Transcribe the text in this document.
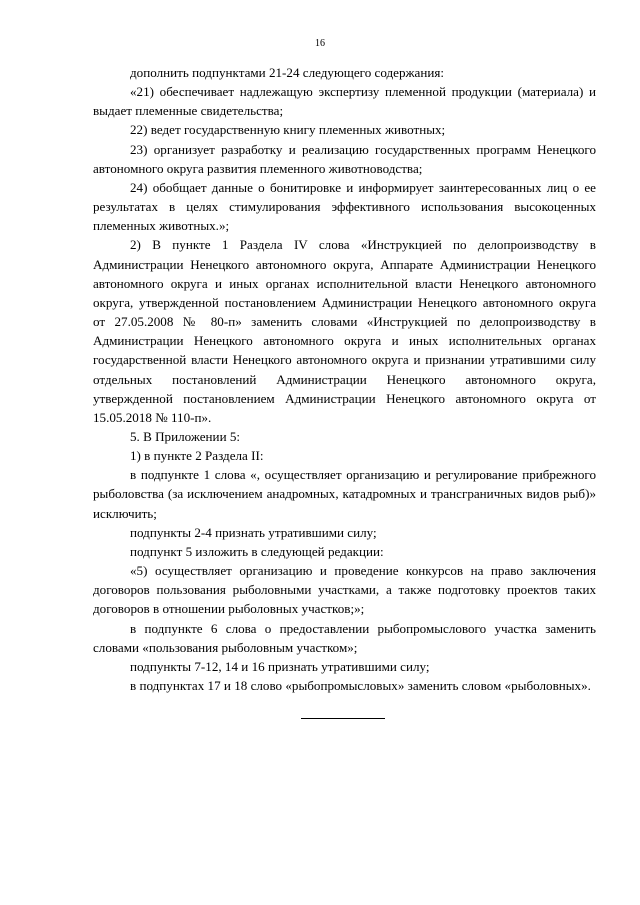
16

дополнить подпунктами 21-24 следующего содержания:

«21) обеспечивает надлежащую экспертизу племенной продукции (материала) и выдает племенные свидетельства;

22) ведет государственную книгу племенных животных;

23) организует разработку и реализацию государственных программ Ненецкого автономного округа развития племенного животноводства;

24) обобщает данные о бонитировке и информирует заинтересованных лиц о ее результатах в целях стимулирования эффективного использования высокоценных племенных животных.»;

2) В пункте 1 Раздела IV слова «Инструкцией по делопроизводству в Администрации Ненецкого автономного округа, Аппарате Администрации Ненецкого автономного округа и иных органах исполнительной власти Ненецкого автономного округа, утвержденной постановлением Администрации Ненецкого автономного округа от 27.05.2008 № 80-п» заменить словами «Инструкцией по делопроизводству в Администрации Ненецкого автономного округа и иных исполнительных органах государственной власти Ненецкого автономного округа и признании утратившими силу отдельных постановлений Администрации Ненецкого автономного округа, утвержденной постановлением Администрации Ненецкого автономного округа от 15.05.2018 № 110-п».

5. В Приложении 5:

1) в пункте 2 Раздела II:

в подпункте 1 слова «, осуществляет организацию и регулирование прибрежного рыболовства (за исключением анадромных, катадромных и трансграничных видов рыб)» исключить;

подпункты 2-4 признать утратившими силу;

подпункт 5 изложить в следующей редакции:

«5) осуществляет организацию и проведение конкурсов на право заключения договоров пользования рыболовными участками, а также подготовку проектов таких договоров в отношении рыболовных участков;»;

в подпункте 6 слова о предоставлении рыбопромыслового участка заменить словами «пользования рыболовным участком»;

подпункты 7-12, 14 и 16 признать утратившими силу;

в подпунктах 17 и 18 слово «рыбопромысловых» заменить словом «рыболовных».
